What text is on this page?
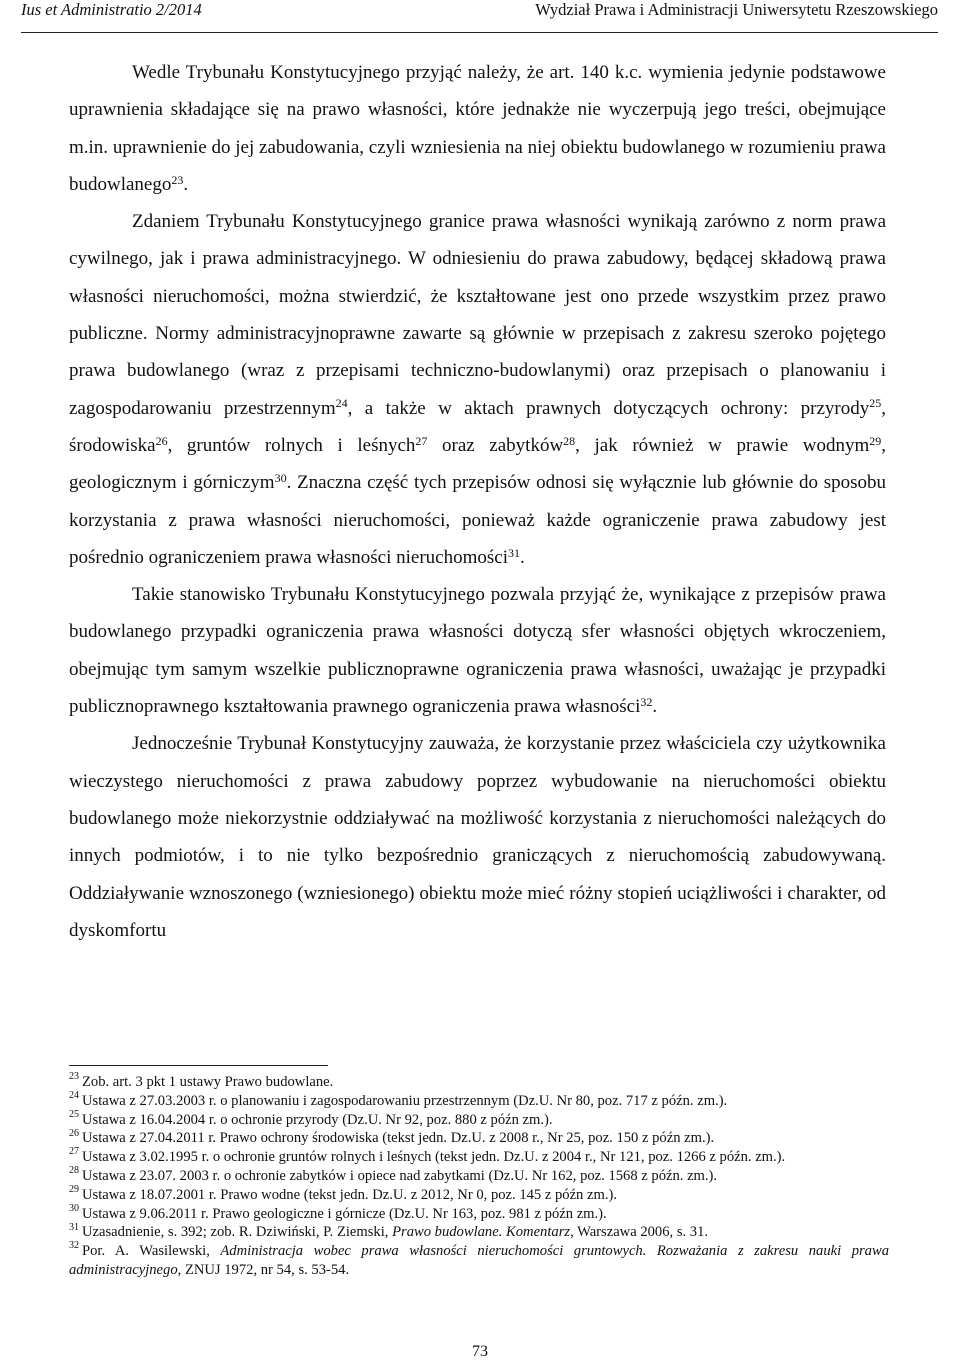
Ius et Administratio 2/2014	Wydział Prawa i Administracji Uniwersytetu Rzeszowskiego

Wedle Trybunału Konstytucyjnego przyjąć należy, że art. 140 k.c. wymienia jedynie podstawowe uprawnienia składające się na prawo własności, które jednakże nie wyczerpują jego treści, obejmujące m.in. uprawnienie do jej zabudowania, czyli wzniesienia na niej obiektu budowlanego w rozumieniu prawa budowlanego$^{23}$.

Zdaniem Trybunału Konstytucyjnego granice prawa własności wynikają zarówno z norm prawa cywilnego, jak i prawa administracyjnego. W odniesieniu do prawa zabudowy, będącej składową prawa własności nieruchomości, można stwierdzić, że kształtowane jest ono przede wszystkim przez prawo publiczne. Normy administracyjnoprawne zawarte są głównie w przepisach z zakresu szeroko pojętego prawa budowlanego (wraz z przepisami techniczno-budowlanymi) oraz przepisach o planowaniu i zagospodarowaniu przestrzennym$^{24}$, a także w aktach prawnych dotyczących ochrony: przyrody$^{25}$, środowiska$^{26}$, gruntów rolnych i leśnych$^{27}$ oraz zabytków$^{28}$, jak również w prawie wodnym$^{29}$, geologicznym i górniczym$^{30}$. Znaczna część tych przepisów odnosi się wyłącznie lub głównie do sposobu korzystania z prawa własności nieruchomości, ponieważ każde ograniczenie prawa zabudowy jest pośrednio ograniczeniem prawa własności nieruchomości$^{31}$.

Takie stanowisko Trybunału Konstytucyjnego pozwala przyjąć że, wynikające z przepisów prawa budowlanego przypadki ograniczenia prawa własności dotyczą sfer własności objętych wkroczeniem, obejmując tym samym wszelkie publicznoprawne ograniczenia prawa własności, uważając je przypadki publicznoprawnego kształtowania prawnego ograniczenia prawa własności$^{32}$.

Jednocześnie Trybunał Konstytucyjny zauważa, że korzystanie przez właściciela czy użytkownika wieczystego nieruchomości z prawa zabudowy poprzez wybudowanie na nieruchomości obiektu budowlanego może niekorzystnie oddziaływać na możliwość korzystania z nieruchomości należących do innych podmiotów, i to nie tylko bezpośrednio graniczących z nieruchomością zabudowywaną. Oddziaływanie wznoszonego (wzniesionego) obiektu może mieć różny stopień uciążliwości i charakter, od dyskomfortu

$^{23}$ Zob. art. 3 pkt 1 ustawy Prawo budowlane.

$^{24}$ Ustawa z 27.03.2003 r. o planowaniu i zagospodarowaniu przestrzennym (Dz.U. Nr 80, poz. 717 z późn. zm.).

$^{25}$ Ustawa z 16.04.2004 r. o ochronie przyrody (Dz.U. Nr 92, poz. 880 z późn zm.).

$^{26}$ Ustawa z 27.04.2011 r. Prawo ochrony środowiska (tekst jedn. Dz.U. z 2008 r., Nr 25, poz. 150 z późn zm.).

$^{27}$ Ustawa z 3.02.1995 r. o ochronie gruntów rolnych i leśnych (tekst jedn. Dz.U. z 2004 r., Nr 121, poz. 1266 z późn. zm.).

$^{28}$ Ustawa z 23.07. 2003 r. o ochronie zabytków i opiece nad zabytkami (Dz.U. Nr 162, poz. 1568 z późn. zm.).

$^{29}$ Ustawa z 18.07.2001 r. Prawo wodne (tekst jedn. Dz.U. z 2012, Nr 0, poz. 145 z późn zm.).

$^{30}$ Ustawa z 9.06.2011 r. Prawo geologiczne i górnicze (Dz.U. Nr 163, poz. 981 z późn zm.).

$^{31}$ Uzasadnienie, s. 392; zob. R. Dziwiński, P. Ziemski, Prawo budowlane. Komentarz, Warszawa 2006, s. 31.

$^{32}$ Por. A. Wasilewski, Administracja wobec prawa własności nieruchomości gruntowych. Rozważania z zakresu nauki prawa administracyjnego, ZNUJ 1972, nr 54, s. 53-54.

73
